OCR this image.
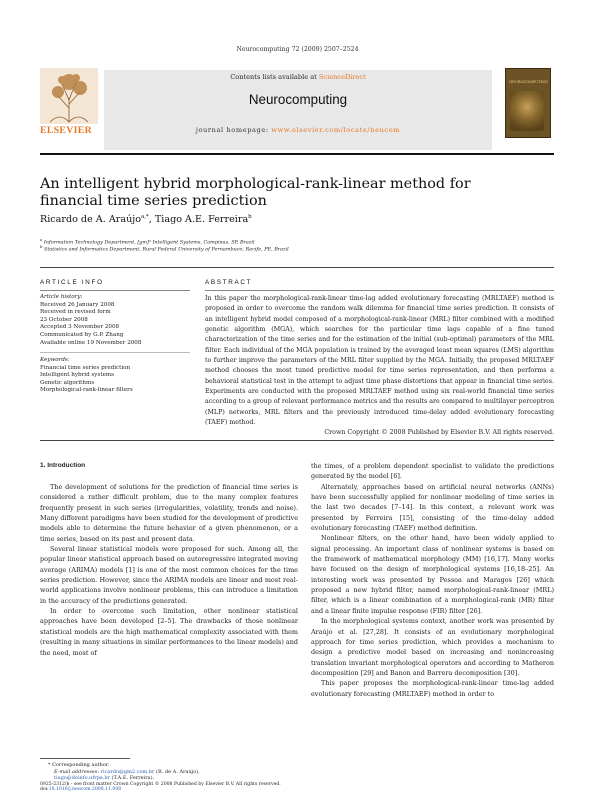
Neurocomputing 72 (2009) 2507–2524
ELSEVIER
Contents lists available at ScienceDirect
Neurocomputing
journal homepage: www.elsevier.com/locate/neucom
NEUROCOMPUTING
An intelligent hybrid morphological-rank-linear method for
financial time series prediction
Ricardo de A. Araújo$^{a,*}$, Tiago A.E. Ferreira$^b$
$^a$ Information Technology Department, [gm]² Intelligent Systems, Campinas, SP, Brazil
$^b$ Statistics and Informatics Department, Rural Federal University of Pernambuco, Recife, PE, Brazil
ARTICLE INFO
Article history:
Received 26 January 2008
Received in revised form
23 October 2008
Accepted 3 November 2008
Communicated by G.P. Zhang
Available online 19 November 2008
Keywords:
Financial time series prediction
Intelligent hybrid systems
Genetic algorithms
Morphological-rank-linear filters
ABSTRACT
In this paper the morphological-rank-linear time-lag added evolutionary forecasting (MRLTAEF) method is proposed in order to overcome the random walk dilemma for financial time series prediction. It consists of an intelligent hybrid model composed of a morphological-rank-linear (MRL) filter combined with a modified genetic algorithm (MGA), which searches for the particular time lags capable of a fine tuned characterization of the time series and for the estimation of the initial (sub-optimal) parameters of the MRL filter. Each individual of the MGA population is trained by the averaged least mean squares (LMS) algorithm to further improve the parameters of the MRL filter supplied by the MGA. Initially, the proposed MRLTAEF method chooses the most tuned predictive model for time series representation, and then performs a behavioral statistical test in the attempt to adjust time phase distortions that appear in financial time series. Experiments are conducted with the proposed MRLTAEF method using six real-world financial time series according to a group of relevant performance metrics and the results are compared to multilayer perceptron (MLP) networks, MRL filters and the previously introduced time-delay added evolutionary forecasting (TAEF) method.
Crown Copyright © 2008 Published by Elsevier B.V. All rights reserved.
1. Introduction

The development of solutions for the prediction of financial time series is considered a rather difficult problem, due to the many complex features frequently present in such series (irregularities, volatility, trends and noise). Many different paradigms have been studied for the development of predictive models able to determine the future behavior of a given phenomenon, or a time series, based on its past and present data.

Several linear statistical models were proposed for such. Among all, the popular linear statistical approach based on autoregressive integrated moving average (ARIMA) models [1] is one of the most common choices for the time series prediction. However, since the ARIMA models are linear and most real-world applications involve nonlinear problems, this can introduce a limitation in the accuracy of the predictions generated.

In order to overcome such limitation, other nonlinear statistical approaches have been developed [2–5]. The drawbacks of those nonlinear statistical models are the high mathematical complexity associated with them (resulting in many situations in similar performances to the linear models) and the need, most of

the times, of a problem dependent specialist to validate the predictions generated by the model [6].

Alternately, approaches based on artificial neural networks (ANNs) have been successfully applied for nonlinear modeling of time series in the last two decades [7–14]. In this context, a relevant work was presented by Ferreira [15], consisting of the time-delay added evolutionary forecasting (TAEF) method definition.

Nonlinear filters, on the other hand, have been widely applied to signal processing. An important class of nonlinear systems is based on the framework of mathematical morphology (MM) [16,17]. Many works have focused on the design of morphological systems [16,18–25]. An interesting work was presented by Pessoa and Maragos [26] which proposed a new hybrid filter, named morphological-rank-linear (MRL) filter, which is a linear combination of a morphological-rank (MR) filter and a linear finite impulse response (FIR) filter [26].

In the morphological systems context, another work was presented by Araújo et al. [27,28]. It consists of an evolutionary morphological approach for time series prediction, which provides a mechanism to design a predictive model based on increasing and nonincreasing translation invariant morphological operators and according to Matheron decomposition [29] and Banon and Barrera decomposition [30].

This paper proposes the morphological-rank-linear time-lag added evolutionary forecasting (MRLTAEF) method in order to

* Corresponding author.
E-mail addresses: ricardo@gm2.com.br (R. de A. Araújo),
tiago@deinfo.ufrpe.br (T.A.E. Ferreira).
0925-2312/$ - see front matter Crown Copyright © 2008 Published by Elsevier B.V. All rights reserved.
doi:10.1016/j.neucom.2008.11.008
